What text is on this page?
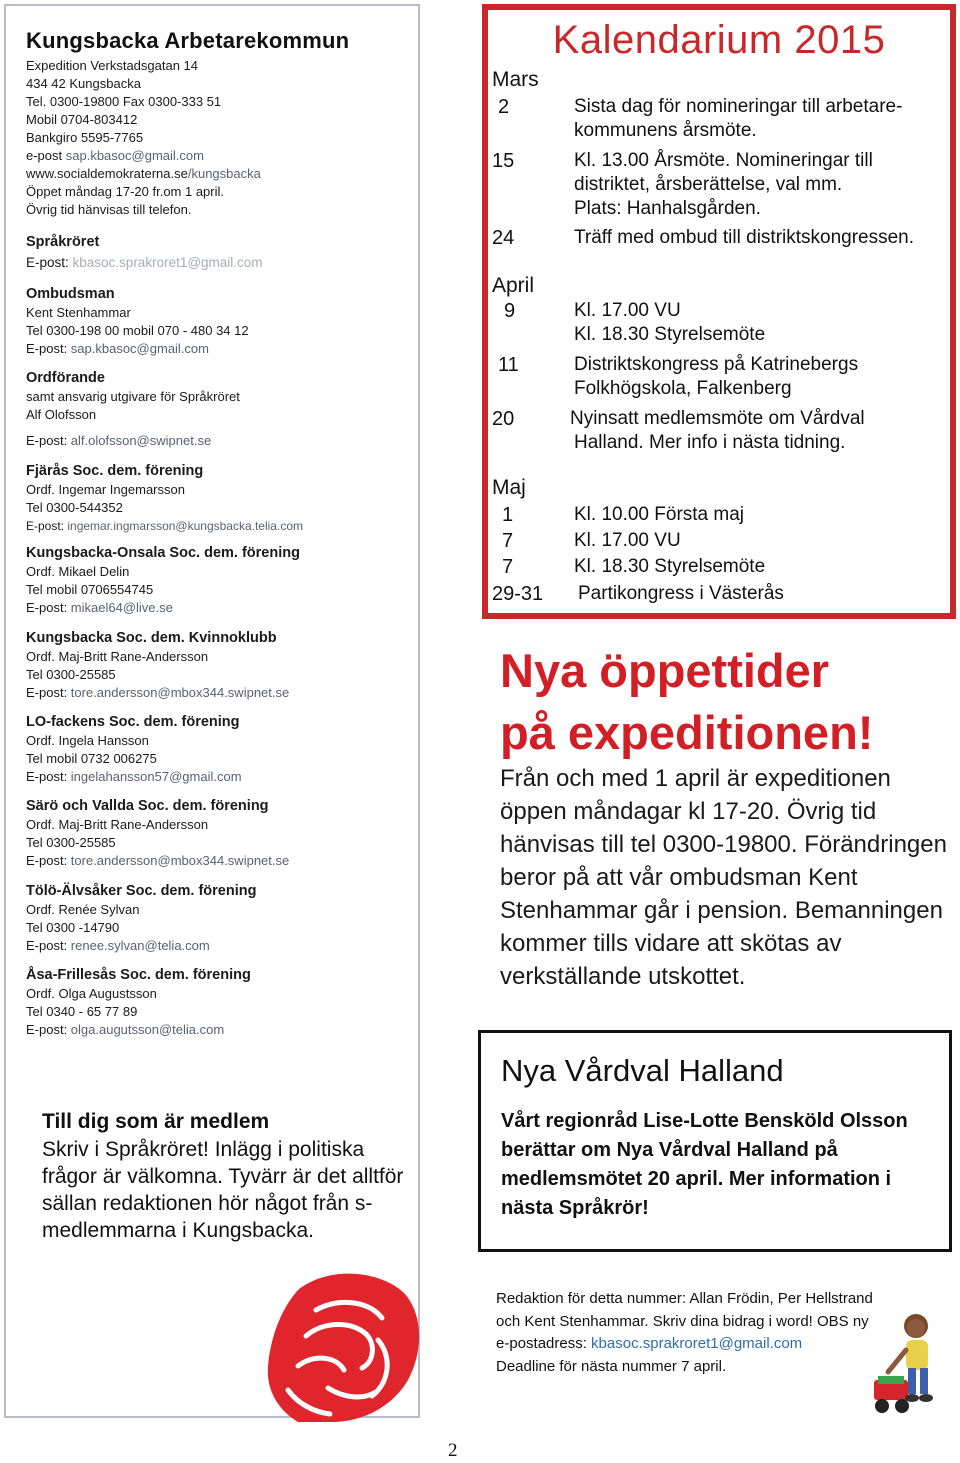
Kungsbacka Arbetarekommun

Expedition Verkstadsgatan 14

434 42 Kungsbacka

Tel. 0300-19800 Fax 0300-333 51

Mobil 0704-803412

Bankgiro 5595-7765

e-post sap.kbasoc@gmail.com

www.socialdemokraterna.se/kungsbacka

Öppet måndag 17-20 fr.om 1 april.

Övrig tid hänvisas till telefon.

Språkröret

E-post: kbasoc.sprakroret1@gmail.com

Ombudsman

Kent Stenhammar

Tel 0300-198 00 mobil 070 - 480 34 12

E-post: sap.kbasoc@gmail.com

Ordförande

samt ansvarig utgivare för Språkröret

Alf Olofsson

E-post: alf.olofsson@swipnet.se

Fjärås Soc. dem. förening

Ordf. Ingemar Ingemarsson

Tel 0300-544352

E-post: ingemar.ingmarsson@kungsbacka.telia.com

Kungsbacka-Onsala Soc. dem. förening

Ordf. Mikael Delin

Tel mobil 0706554745

E-post: mikael64@live.se

Kungsbacka Soc. dem. Kvinnoklubb

Ordf. Maj-Britt Rane-Andersson

Tel 0300-25585

E-post: tore.andersson@mbox344.swipnet.se

LO-fackens Soc. dem. förening

Ordf. Ingela Hansson

Tel mobil 0732 006275

E-post: ingelahansson57@gmail.com

Särö och Vallda Soc. dem. förening

Ordf. Maj-Britt Rane-Andersson

Tel 0300-25585

E-post: tore.andersson@mbox344.swipnet.se

Tölö-Älvsåker Soc. dem. förening

Ordf. Renée Sylvan

Tel 0300 -14790

E-post: renee.sylvan@telia.com

Åsa-Frillesås Soc. dem. förening

Ordf. Olga Augustsson

Tel 0340 - 65 77 89

E-post: olga.augutsson@telia.com

Till dig som är medlem

Skriv i Språkröret! Inlägg i politiska frågor är välkomna. Tyvärr är det alltför sällan redaktionen hör något från s-medlemmarna i Kungsbacka.

Kalendarium 2015

Mars

2	Sista dag för nomineringar till arbetare-
kommunens årsmöte.
15	Kl. 13.00 Årsmöte. Nomineringar till
distriktet, årsberättelse, val mm.
Plats: Hanhalsgården.
24	Träff med ombud till distriktskongressen.

April

9	Kl. 17.00 VU
Kl. 18.30 Styrelsemöte
11	Distriktskongress på Katrinebergs
Folkhögskola, Falkenberg
20	Nyinsatt medlemsmöte om Vårdval
Halland. Mer info i nästa tidning.

Maj

1	Kl. 10.00 Första maj
7	Kl. 17.00 VU
7	Kl. 18.30 Styrelsemöte
29-31	Partikongress i Västerås
Nya öppettider
på expeditionen!

Från och med 1 april är expeditionen öppen måndagar kl 17-20. Övrig tid hänvisas till tel 0300-19800. Förändringen beror på att vår ombudsman Kent Stenhammar går i pension. Bemanningen kommer tills vidare att skötas av verkställande utskottet.

Nya Vårdval Halland

Vårt regionråd Lise-Lotte Bensköld Olsson berättar om Nya Vårdval Halland på medlemsmötet 20 april. Mer information i nästa Språkrör!

Redaktion för detta nummer: Allan Frödin, Per Hellstrand och Kent Stenhammar. Skriv dina bidrag i word! OBS ny e-postadress: kbasoc.sprakroret1@gmail.com
Deadline för nästa nummer 7 april.

2
